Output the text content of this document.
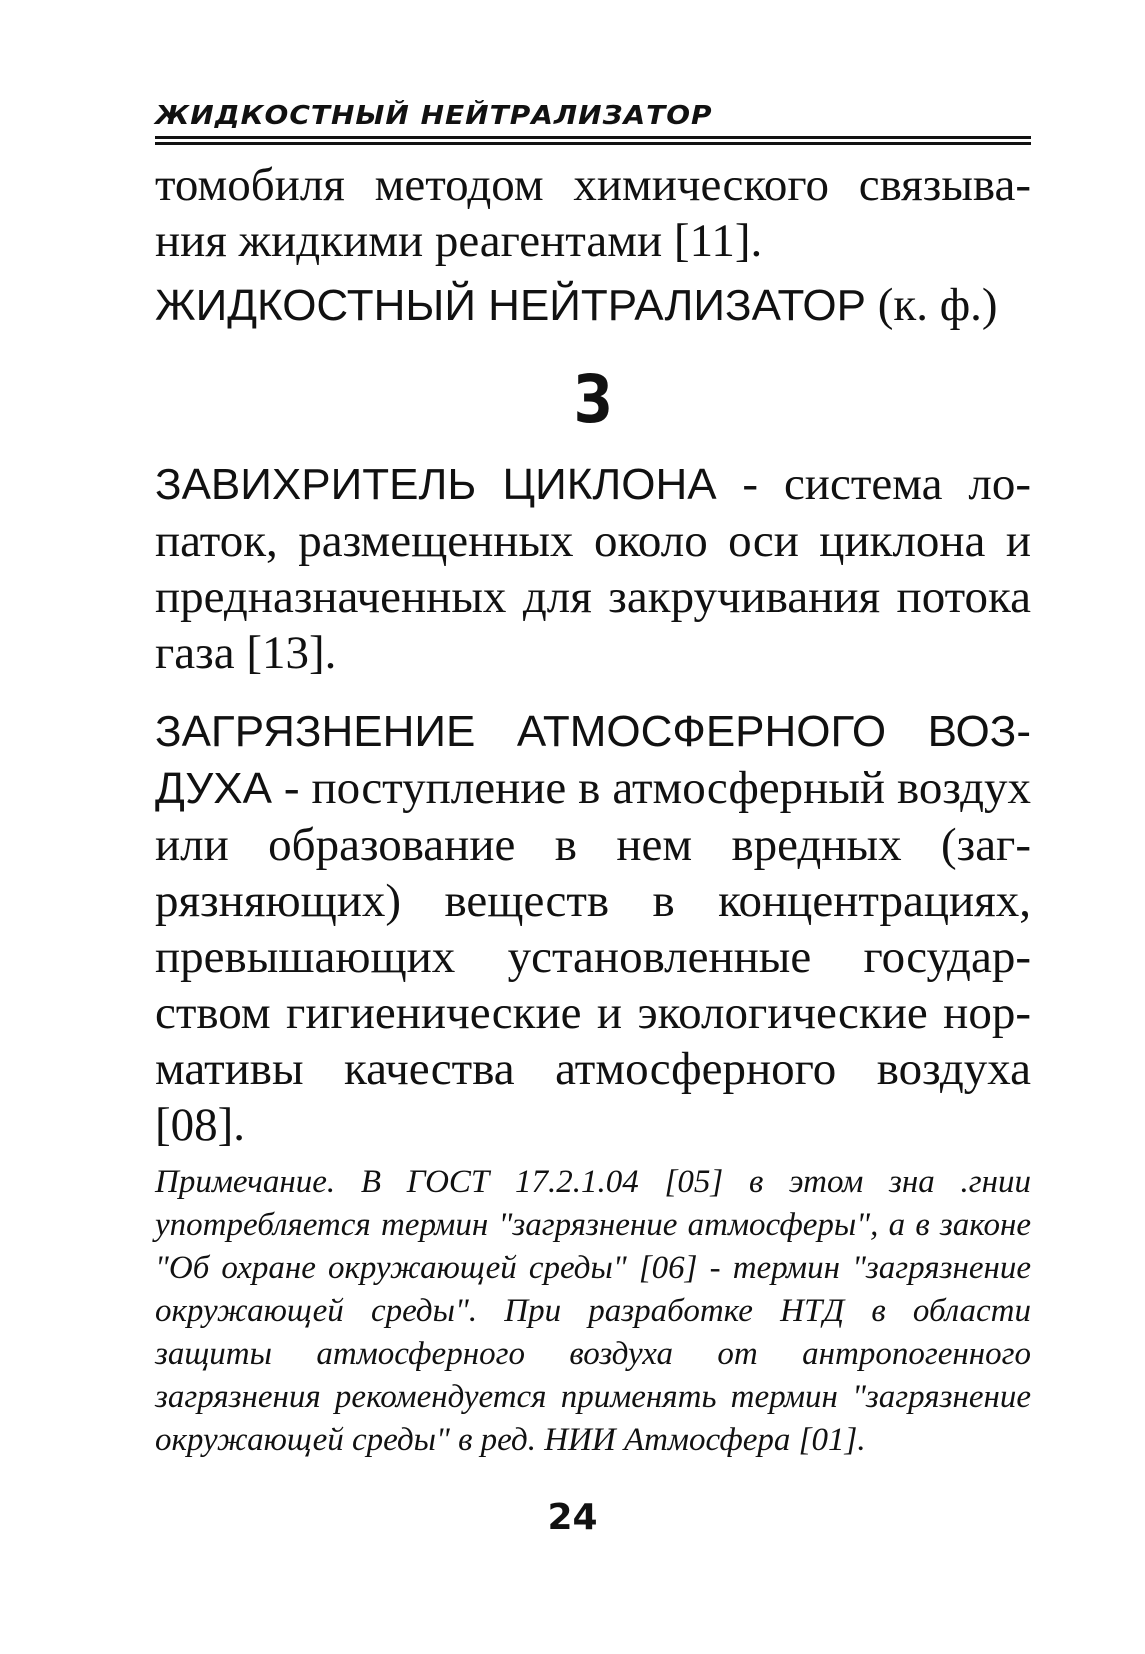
ЖИДКОСТНЫЙ НЕЙТРАЛИЗАТОР

томобиля методом химического связывания жидкими реагентами [11].

ЖИДКОСТНЫЙ НЕЙТРАЛИЗАТОР (к. ф.)
З

ЗАВИХРИТЕЛЬ ЦИКЛОНА - система лопаток, размещенных около оси циклона и предназначенных для закручивания потока газа [13].

ЗАГРЯЗНЕНИЕ АТМОСФЕРНОГО ВОЗДУХА - поступление в атмосферный воздух или образование в нем вредных (загрязняющих) веществ в концентрациях, превышающих установленные государством гигиенические и экологические нормативы качества атмосферного воздуха [08].

Примечание. В ГОСТ 17.2.1.04 [05] в этом зна .гнии употребляется термин "загрязнение атмосферы", а в законе "Об охране окружающей среды" [06] - термин "загрязнение окружающей среды". При разработке НТД в области защиты атмосферного воздуха от антропогенного загрязнения рекомендуется применять термин "загрязнение окружающей среды" в ред. НИИ Атмосфера [01].

24
